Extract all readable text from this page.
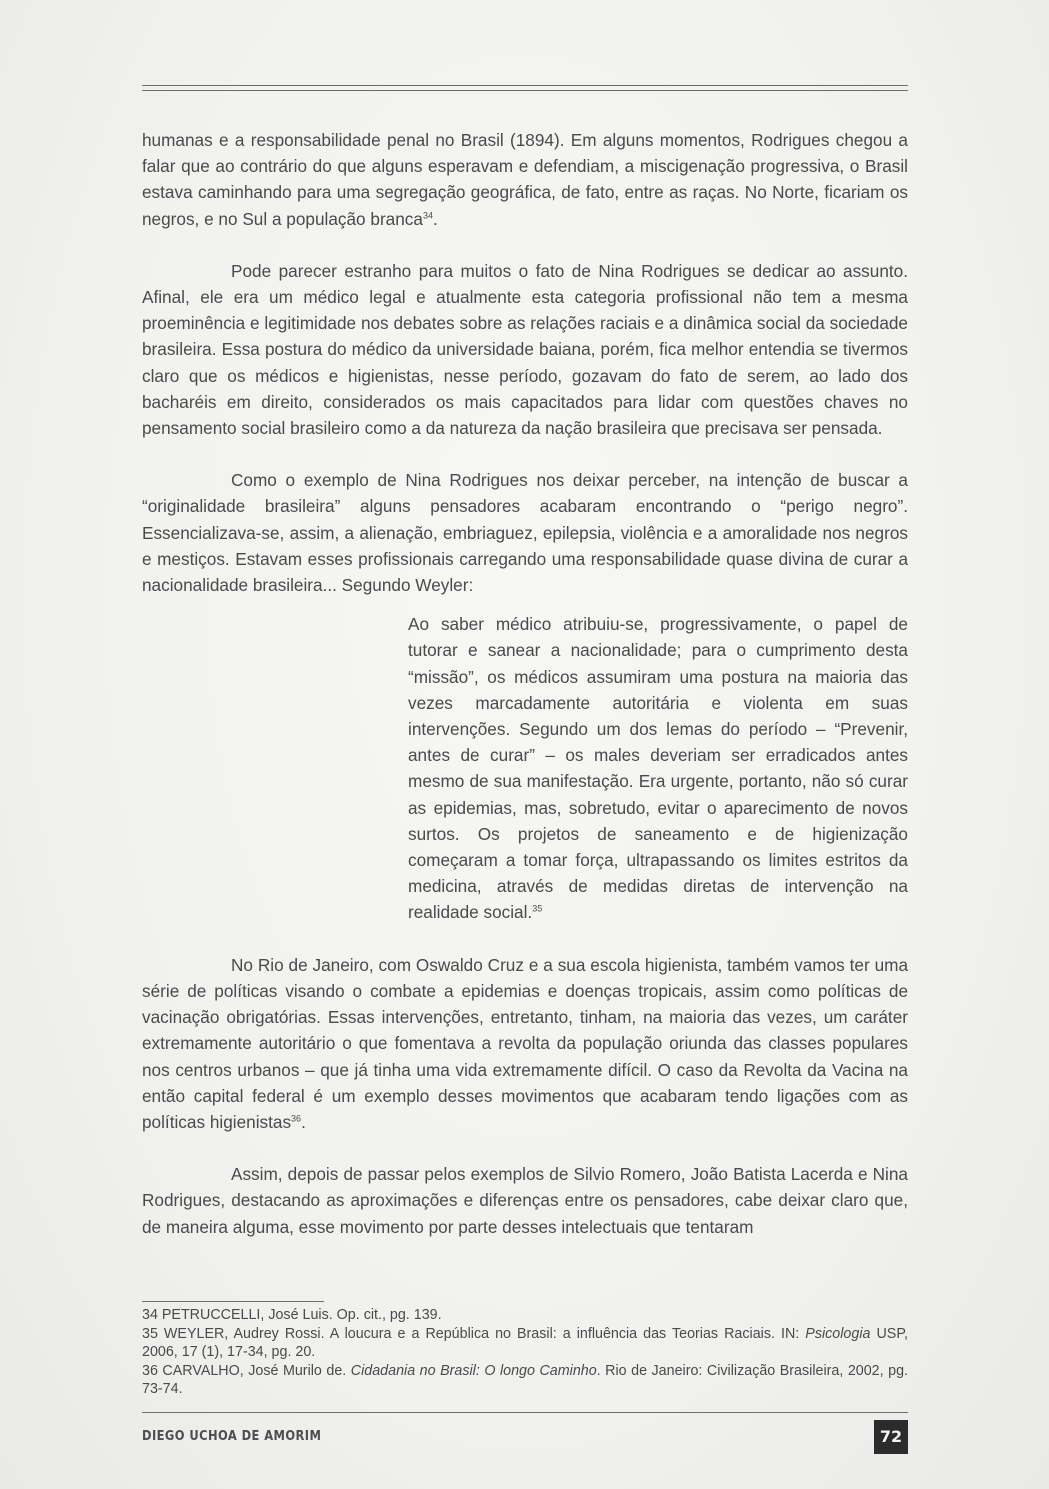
humanas e a responsabilidade penal no Brasil (1894). Em alguns momentos, Rodrigues chegou a falar que ao contrário do que alguns esperavam e defendiam, a miscigenação progressiva, o Brasil estava caminhando para uma segregação geográfica, de fato, entre as raças. No Norte, ficariam os negros, e no Sul a população branca$^{34}$.

Pode parecer estranho para muitos o fato de Nina Rodrigues se dedicar ao assunto. Afinal, ele era um médico legal e atualmente esta categoria profissional não tem a mesma proeminência e legitimidade nos debates sobre as relações raciais e a dinâmica social da sociedade brasileira. Essa postura do médico da universidade baiana, porém, fica melhor entendia se tivermos claro que os médicos e higienistas, nesse período, gozavam do fato de serem, ao lado dos bacharéis em direito, considerados os mais capacitados para lidar com questões chaves no pensamento social brasileiro como a da natureza da nação brasileira que precisava ser pensada.

Como o exemplo de Nina Rodrigues nos deixar perceber, na intenção de buscar a “originalidade brasileira” alguns pensadores acabaram encontrando o “perigo negro”. Essencializava-se, assim, a alienação, embriaguez, epilepsia, violência e a amoralidade nos negros e mestiços. Estavam esses profissionais carregando uma responsabilidade quase divina de curar a nacionalidade brasileira... Segundo Weyler:

Ao saber médico atribuiu-se, progressivamente, o papel de tutorar e sanear a nacionalidade; para o cumprimento desta “missão”, os médicos assumiram uma postura na maioria das vezes marcadamente autoritária e violenta em suas intervenções. Segundo um dos lemas do período – “Prevenir, antes de curar” – os males deveriam ser erradicados antes mesmo de sua manifestação. Era urgente, portanto, não só curar as epidemias, mas, sobretudo, evitar o aparecimento de novos surtos. Os projetos de saneamento e de higienização começaram a tomar força, ultrapassando os limites estritos da medicina, através de medidas diretas de intervenção na realidade social.$^{35}$

No Rio de Janeiro, com Oswaldo Cruz e a sua escola higienista, também vamos ter uma série de políticas visando o combate a epidemias e doenças tropicais, assim como políticas de vacinação obrigatórias. Essas intervenções, entretanto, tinham, na maioria das vezes, um caráter extremamente autoritário o que fomentava a revolta da população oriunda das classes populares nos centros urbanos – que já tinha uma vida extremamente difícil. O caso da Revolta da Vacina na então capital federal é um exemplo desses movimentos que acabaram tendo ligações com as políticas higienistas$^{36}$.

Assim, depois de passar pelos exemplos de Silvio Romero, João Batista Lacerda e Nina Rodrigues, destacando as aproximações e diferenças entre os pensadores, cabe deixar claro que, de maneira alguma, esse movimento por parte desses intelectuais que tentaram

34 PETRUCCELLI, José Luis. Op. cit., pg. 139.

35 WEYLER, Audrey Rossi. A loucura e a República no Brasil: a influência das Teorias Raciais. IN: Psicologia USP, 2006, 17 (1), 17-34, pg. 20.

36 CARVALHO, José Murilo de. Cidadania no Brasil: O longo Caminho. Rio de Janeiro: Civilização Brasileira, 2002, pg. 73-74.

DIEGO UCHOA DE AMORIM	72
